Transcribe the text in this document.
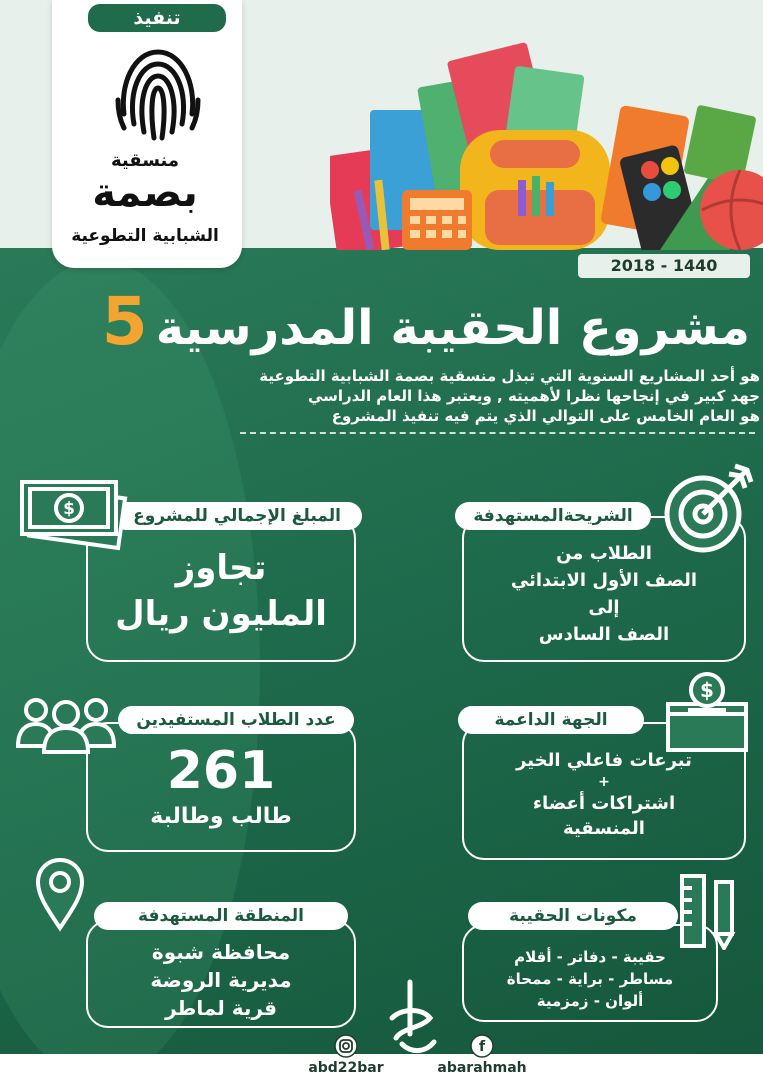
تنفيذ
منسقية
بصمة
الشبابية التطوعية
2018 - 1440
مشروع الحقيبة المدرسية5
هو أحد المشاريع السنوية التي تبذل منسقية بصمة الشبابية التطوعية
جهد كبير في إنجاحها نظرا لأهميته , ويعتبر هذا العام الدراسي
هو العام الخامس على التوالي الذي يتم فيه تنفيذ المشروع
الشريحةالمستهدفة
الطلاب من
الصف الأول الابتدائي
إلى
الصف السادس
المبلغ الإجمالي للمشروع
$
تجاوز
المليون ريال
الجهة الداعمة
$
تبرعات فاعلي الخير
+
اشتراكات أعضاء
المنسقية
عدد الطلاب المستفيدين
261
طالب وطالبة
مكونات الحقيبة
حقيبة - دفاتر - أقلام
مساطر - براية - ممحاة
ألوان - زمزمية
المنطقة المستهدفة
محافظة شبوة
مديرية الروضة
قرية لماطر
abd22bar
f
abarahmah
